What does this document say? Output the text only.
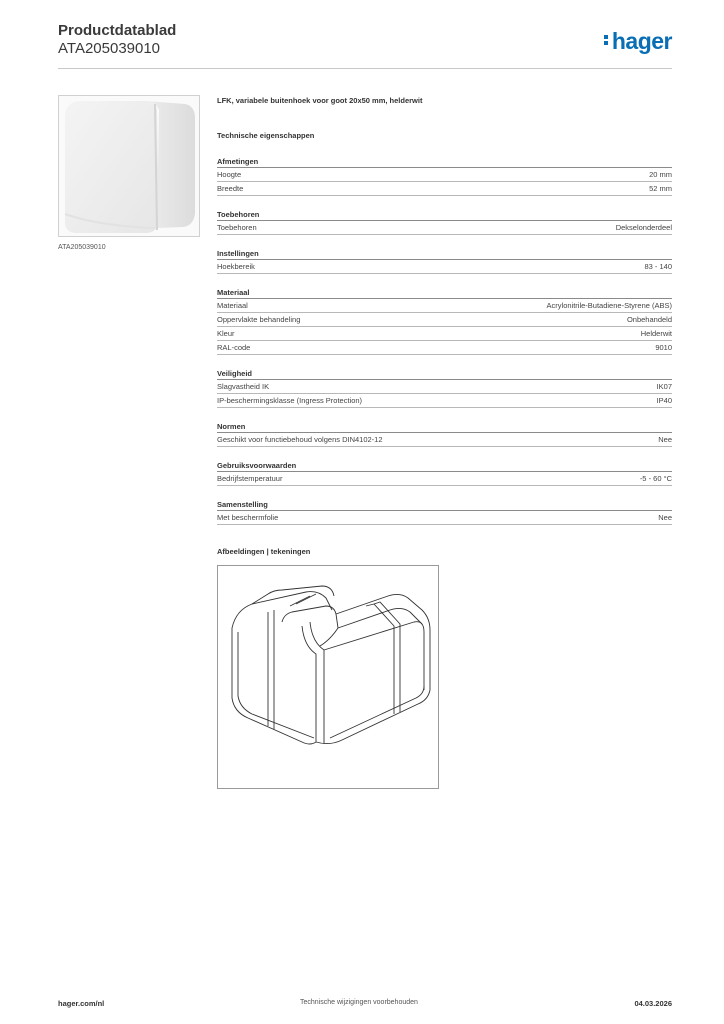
Productdatablad
ATA205039010	hager
ATA205039010
LFK, variabele buitenhoek voor goot 20x50 mm, helderwit
Technische eigenschappen
Afmetingen
Hoogte	20 mm
Breedte	52 mm
Toebehoren
Toebehoren	Dekselonderdeel
Instellingen
Hoekbereik	83 - 140
Materiaal
Materiaal	Acrylonitrile-Butadiene-Styrene (ABS)
Oppervlakte behandeling	Onbehandeld
Kleur	Helderwit
RAL-code	9010
Veiligheid
Slagvastheid IK	IK07
IP-beschermingsklasse (Ingress Protection)	IP40
Normen
Geschikt voor functiebehoud volgens DIN4102-12	Nee
Gebruiksvoorwaarden
Bedrijfstemperatuur	-5 - 60 °C
Samenstelling
Met beschermfolie	Nee
Afbeeldingen | tekeningen
hager.com/nl	Technische wijzigingen voorbehouden	04.03.2026
